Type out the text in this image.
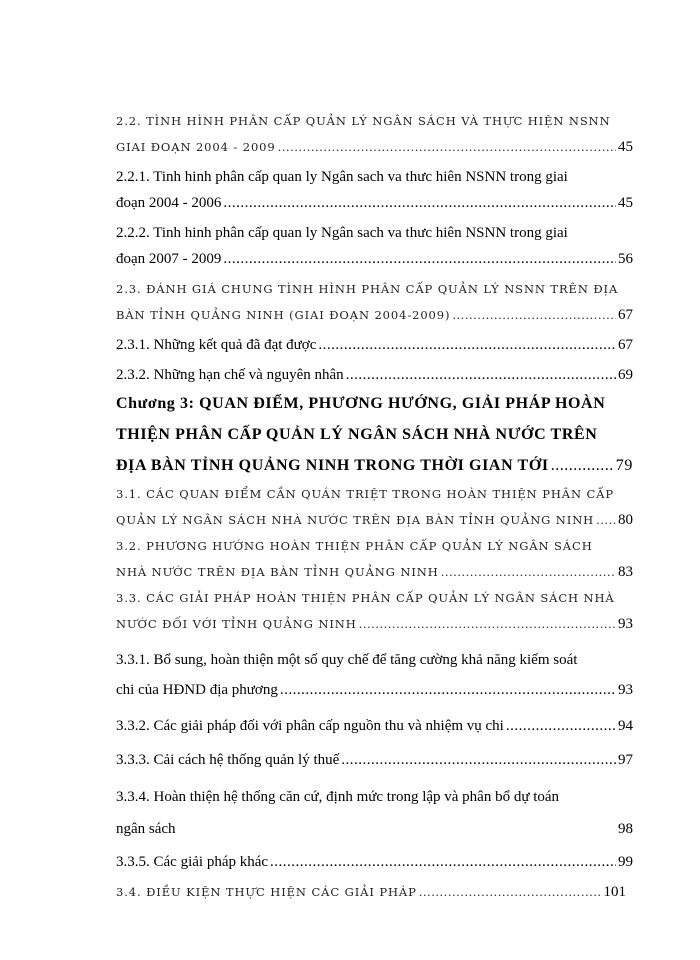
2.2. TÌNH HÌNH PHÂN CẤP QUẢN LÝ NGÂN SÁCH VÀ THỰC HIỆN NSNN
GIAI ĐOẠN 2004 - 2009 .....	45
2.2.1. Tinh hinh phân cấp quan ly Ngân sach va thưc hiên NSNN trong giai
đoạn 2004 - 2006 .....	45
2.2.2. Tinh hinh phân cấp quan ly Ngân sach va thưc hiên NSNN trong giai
đoạn 2007 - 2009 .....	56
2.3. ĐÁNH GIÁ CHUNG TÌNH HÌNH PHÂN CẤP QUẢN LÝ NSNN TRÊN ĐỊA
BÀN TỈNH QUẢNG NINH (GIAI ĐOẠN 2004-2009) .....	67
2.3.1. Những kết quả đã đạt được .....	67
2.3.2. Những hạn chế và nguyên nhân .....	69
Chương 3: QUAN ĐIỂM, PHƯƠNG HƯỚNG, GIẢI PHÁP HOÀN
THIỆN PHÂN CẤP QUẢN LÝ NGÂN SÁCH NHÀ NƯỚC TRÊN
ĐỊA BÀN TỈNH QUẢNG NINH TRONG THỜI GIAN TỚI .....	79
3.1. CÁC QUAN ĐIỂM CẦN QUÁN TRIỆT TRONG HOÀN THIỆN PHÂN CẤP
QUẢN LÝ NGÂN SÁCH NHÀ NƯỚC TRÊN ĐỊA BÀN TỈNH QUẢNG NINH ..... 80
3.2. PHƯƠNG HƯỚNG HOÀN THIỆN PHÂN CẤP QUẢN LÝ NGÂN SÁCH
NHÀ NƯỚC TRÊN ĐỊA BÀN TỈNH QUẢNG NINH .....	83
3.3. CÁC GIẢI PHÁP HOÀN THIỆN PHÂN CẤP QUẢN LÝ NGÂN SÁCH NHÀ
NƯỚC ĐỐI VỚI TỈNH QUẢNG NINH .....	93
3.3.1. Bổ sung, hoàn thiện một số quy chế để tăng cường khả năng kiểm soát
chi của HĐND địa phương .....	93
3.3.2. Các giải pháp đối với phân cấp nguồn thu và nhiệm vụ chi .....	94
3.3.3. Cải cách hệ thống quản lý thuế .....	97
3.3.4. Hoàn thiện hệ thống căn cứ, định mức trong lập và phân bổ dự toán
ngân sách	98
3.3.5. Các giải pháp khác .....	99
3.4. ĐIỀU KIỆN THỰC HIỆN CÁC GIẢI PHÁP .....	101
